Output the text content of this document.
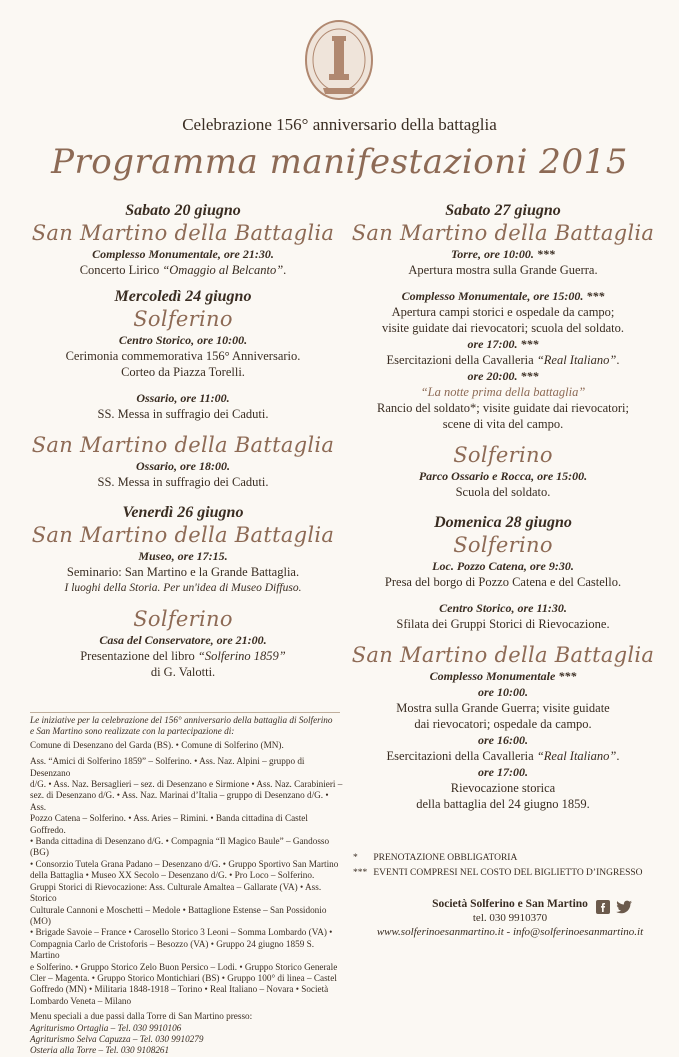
Celebrazione 156° anniversario della battaglia
Programma manifestazioni 2015
Sabato 20 giugno
San Martino della Battaglia
Complesso Monumentale, ore 21:30.
Concerto Lirico “Omaggio al Belcanto”.
Mercoledì 24 giugno
Solferino
Centro Storico, ore 10:00.
Cerimonia commemorativa 156° Anniversario.
Corteo da Piazza Torelli.
Ossario, ore 11:00.
SS. Messa in suffragio dei Caduti.
San Martino della Battaglia
Ossario, ore 18:00.
SS. Messa in suffragio dei Caduti.
Venerdì 26 giugno
San Martino della Battaglia
Museo, ore 17:15.
Seminario: San Martino e la Grande Battaglia.
I luoghi della Storia. Per un'idea di Museo Diffuso.
Solferino
Casa del Conservatore, ore 21:00.
Presentazione del libro “Solferino 1859”
di G. Valotti.
Le iniziative per la celebrazione del 156° anniversario della battaglia di Solferino
e San Martino sono realizzate con la partecipazione di:
Comune di Desenzano del Garda (BS). • Comune di Solferino (MN).
Ass. “Amici di Solferino 1859” – Solferino. • Ass. Naz. Alpini – gruppo di Desenzano
d/G. • Ass. Naz. Bersaglieri – sez. di Desenzano e Sirmione • Ass. Naz. Carabinieri –
sez. di Desenzano d/G. • Ass. Naz. Marinai d’Italia – gruppo di Desenzano d/G. • Ass.
Pozzo Catena – Solferino. • Ass. Aries – Rimini. • Banda cittadina di Castel Goffredo.
• Banda cittadina di Desenzano d/G. • Compagnia “Il Magico Baule” – Gandosso (BG)
• Consorzio Tutela Grana Padano – Desenzano d/G. • Gruppo Sportivo San Martino
della Battaglia • Museo XX Secolo – Desenzano d/G. • Pro Loco – Solferino.
Gruppi Storici di Rievocazione: Ass. Culturale Amaltea – Gallarate (VA) • Ass. Storico
Culturale Cannoni e Moschetti – Medole • Battaglione Estense – San Possidonio (MO)
• Brigade Savoie – France • Carosello Storico 3 Leoni – Somma Lombardo (VA) •
Compagnia Carlo de Cristoforis – Besozzo (VA) • Gruppo 24 giugno 1859 S. Martino
e Solferino. • Gruppo Storico Zelo Buon Persico – Lodi. • Gruppo Storico Generale
Cler – Magenta. • Gruppo Storico Montichiari (BS) • Gruppo 100° di linea – Castel
Goffredo (MN) • Militaria 1848-1918 – Torino • Real Italiano – Novara • Società
Lombardo Veneta – Milano
Menu speciali a due passi dalla Torre di San Martino presso:
Agriturismo Ortaglia – Tel. 030 9910106
Agriturismo Selva Capuzza – Tel. 030 9910279
Osteria alla Torre – Tel. 030 9108261
Sabato 27 giugno
San Martino della Battaglia
Torre, ore 10:00. ***
Apertura mostra sulla Grande Guerra.
Complesso Monumentale, ore 15:00. ***
Apertura campi storici e ospedale da campo;
visite guidate dai rievocatori; scuola del soldato.
ore 17:00. ***
Esercitazioni della Cavalleria “Real Italiano”.
ore 20:00. ***
“La notte prima della battaglia”
Rancio del soldato*; visite guidate dai rievocatori;
scene di vita del campo.
Solferino
Parco Ossario e Rocca, ore 15:00.
Scuola del soldato.
Domenica 28 giugno
Solferino
Loc. Pozzo Catena, ore 9:30.
Presa del borgo di Pozzo Catena e del Castello.
Centro Storico, ore 11:30.
Sfilata dei Gruppi Storici di Rievocazione.
San Martino della Battaglia
Complesso Monumentale ***
ore 10:00.
Mostra sulla Grande Guerra; visite guidate
dai rievocatori; ospedale da campo.
ore 16:00.
Esercitazioni della Cavalleria “Real Italiano”.
ore 17:00.
Rievocazione storica
della battaglia del 24 giugno 1859.
* PRENOTAZIONE OBBLIGATORIA
*** EVENTI COMPRESI NEL COSTO DEL BIGLIETTO D’INGRESSO
Società Solferino e San Martino
tel. 030 9910370
www.solferinoesanmartino.it - info@solferinoesanmartino.it
